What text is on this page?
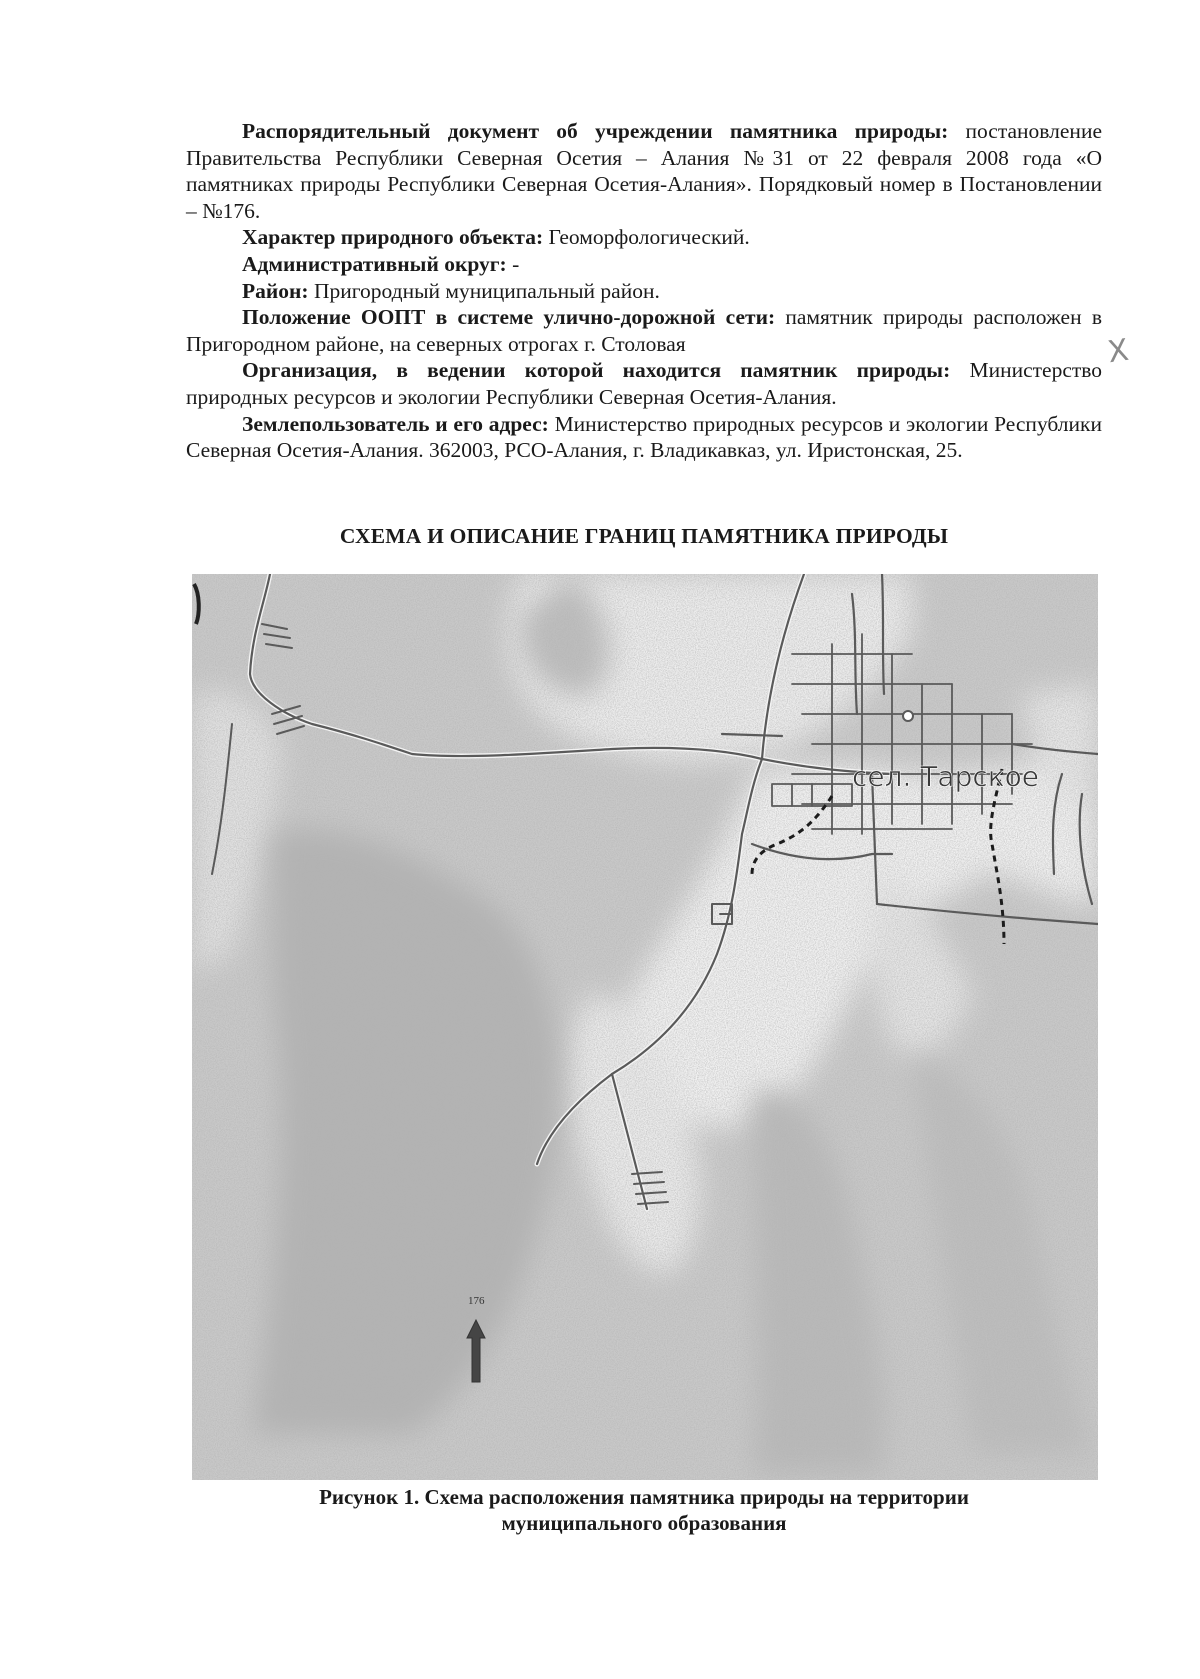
Распорядительный документ об учреждении памятника природы: постановление Правительства Республики Северная Осетия – Алания №31 от 22 февраля 2008 года «О памятниках природы Республики Северная Осетия-Алания». Порядковый номер в Постановлении – №176.

Характер природного объекта: Геоморфологический.

Административный округ: -

Район: Пригородный муниципальный район.

Положение ООПТ в системе улично-дорожной сети: памятник природы расположен в Пригородном районе, на северных отрогах г. Столовая

Организация, в ведении которой находится памятник природы: Министерство природных ресурсов и экологии Республики Северная Осетия-Алания.

Землепользователь и его адрес: Министерство природных ресурсов и экологии Республики Северная Осетия-Алания. 362003, РСО-Алания, г. Владикавказ, ул. Иристонская, 25.

X
СХЕМА И ОПИСАНИЕ ГРАНИЦ ПАМЯТНИКА ПРИРОДЫ
сел. Тарское
176
Рисунок 1. Схема расположения памятника природы на территории
муниципального образования
